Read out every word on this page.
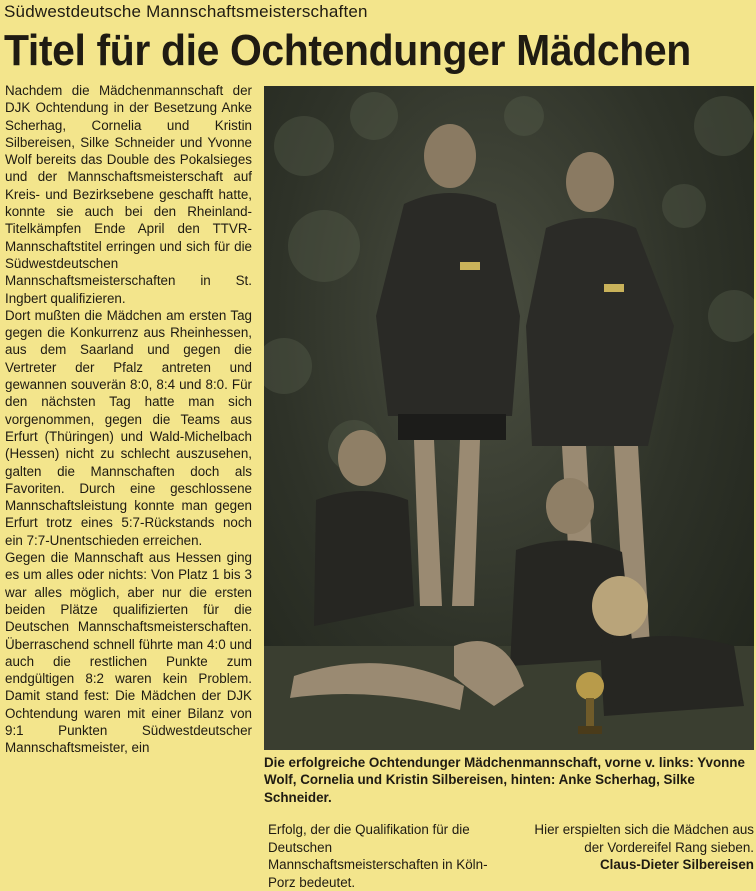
Südwestdeutsche Mannschaftsmeisterschaften
Titel für die Ochtendunger Mädchen

Nachdem die Mädchenmannschaft der DJK Ochtendung in der Besetzung Anke Scherhag, Cornelia und Kristin Silbereisen, Silke Schneider und Yvonne Wolf bereits das Double des Pokalsieges und der Mannschaftsmeisterschaft auf Kreis- und Bezirksebene geschafft hatte, konnte sie auch bei den Rheinland-Titelkämpfen Ende April den TTVR-Mannschaftstitel erringen und sich für die Südwestdeutschen Mannschaftsmeisterschaften in St. Ingbert qualifizieren.

Dort mußten die Mädchen am ersten Tag gegen die Konkurrenz aus Rheinhessen, aus dem Saarland und gegen die Vertreter der Pfalz antreten und gewannen souverän 8:0, 8:4 und 8:0. Für den nächsten Tag hatte man sich vorgenommen, gegen die Teams aus Erfurt (Thüringen) und Wald-Michelbach (Hessen) nicht zu schlecht auszusehen, galten die Mannschaften doch als Favoriten. Durch eine geschlossene Mannschaftsleistung konnte man gegen Erfurt trotz eines 5:7-Rückstands noch ein 7:7-Unentschieden erreichen.

Gegen die Mannschaft aus Hessen ging es um alles oder nichts: Von Platz 1 bis 3 war alles möglich, aber nur die ersten beiden Plätze qualifizierten für die Deutschen Mannschaftsmeisterschaften. Überraschend schnell führte man 4:0 und auch die restlichen Punkte zum endgültigen 8:2 waren kein Problem. Damit stand fest: Die Mädchen der DJK Ochtendung waren mit einer Bilanz von 9:1 Punkten Südwestdeutscher Mannschaftsmeister, ein

Die erfolgreiche Ochtendunger Mädchenmannschaft, vorne v. links: Yvonne Wolf, Cornelia und Kristin Silbereisen, hinten: Anke Scherhag, Silke Schneider.
Erfolg, der die Qualifikation für die Deutschen Mannschaftsmeisterschaften in Köln-Porz bedeutet.
Hier erspielten sich die Mädchen aus der Vordereifel Rang sieben.
Claus-Dieter Silbereisen
